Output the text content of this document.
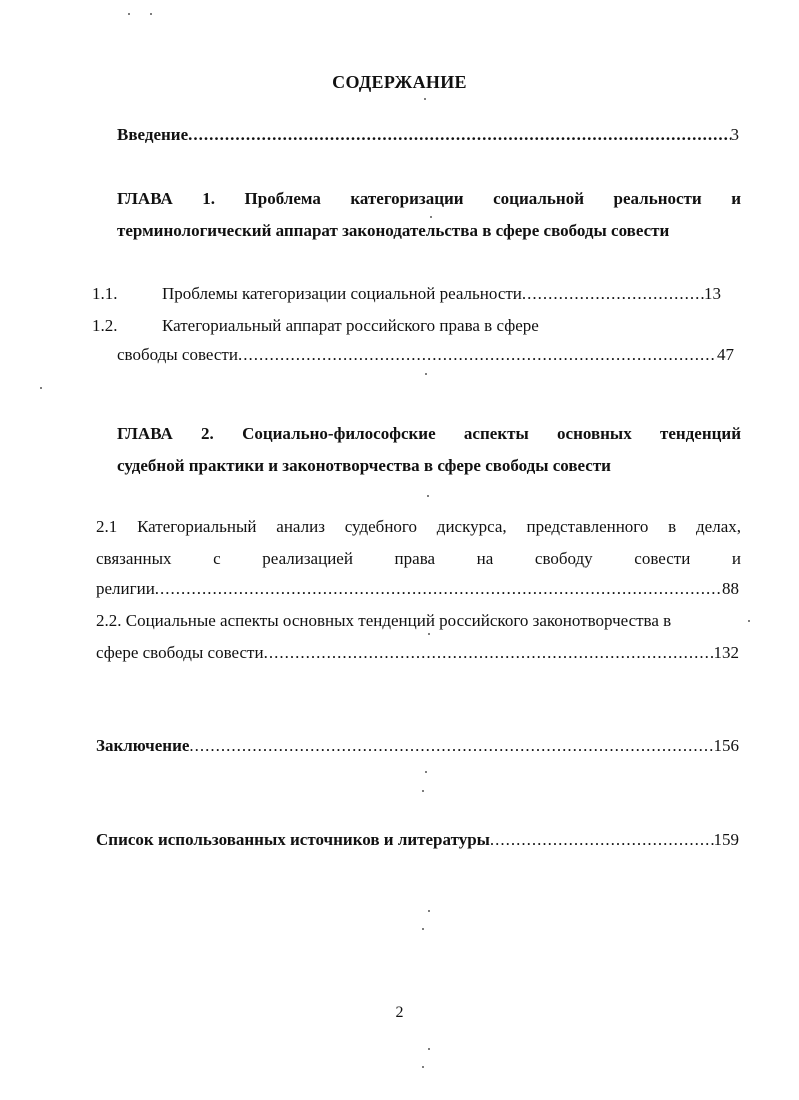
СОДЕРЖАНИЕ
Введение .....	3
ГЛАВА 1. Проблема категоризации социальной реальности и
терминологический аппарат законодательства в сфере свободы совести
1.1.	Проблемы категоризации социальной реальности .....	13
1.2.	Категориальный аппарат российского права в сфере
свободы совести .....	47
ГЛАВА 2. Социально-философские аспекты основных тенденций
судебной практики и законотворчества в сфере свободы совести
2.1 Категориальный анализ судебного дискурса, представленного в делах,
связанных с реализацией права на свободу совести и
религии .....	88
2.2. Социальные аспекты основных тенденций российского законотворчества в
сфере свободы совести .....	132
Заключение .....	156
Список использованных источников и литературы .....	159
2
